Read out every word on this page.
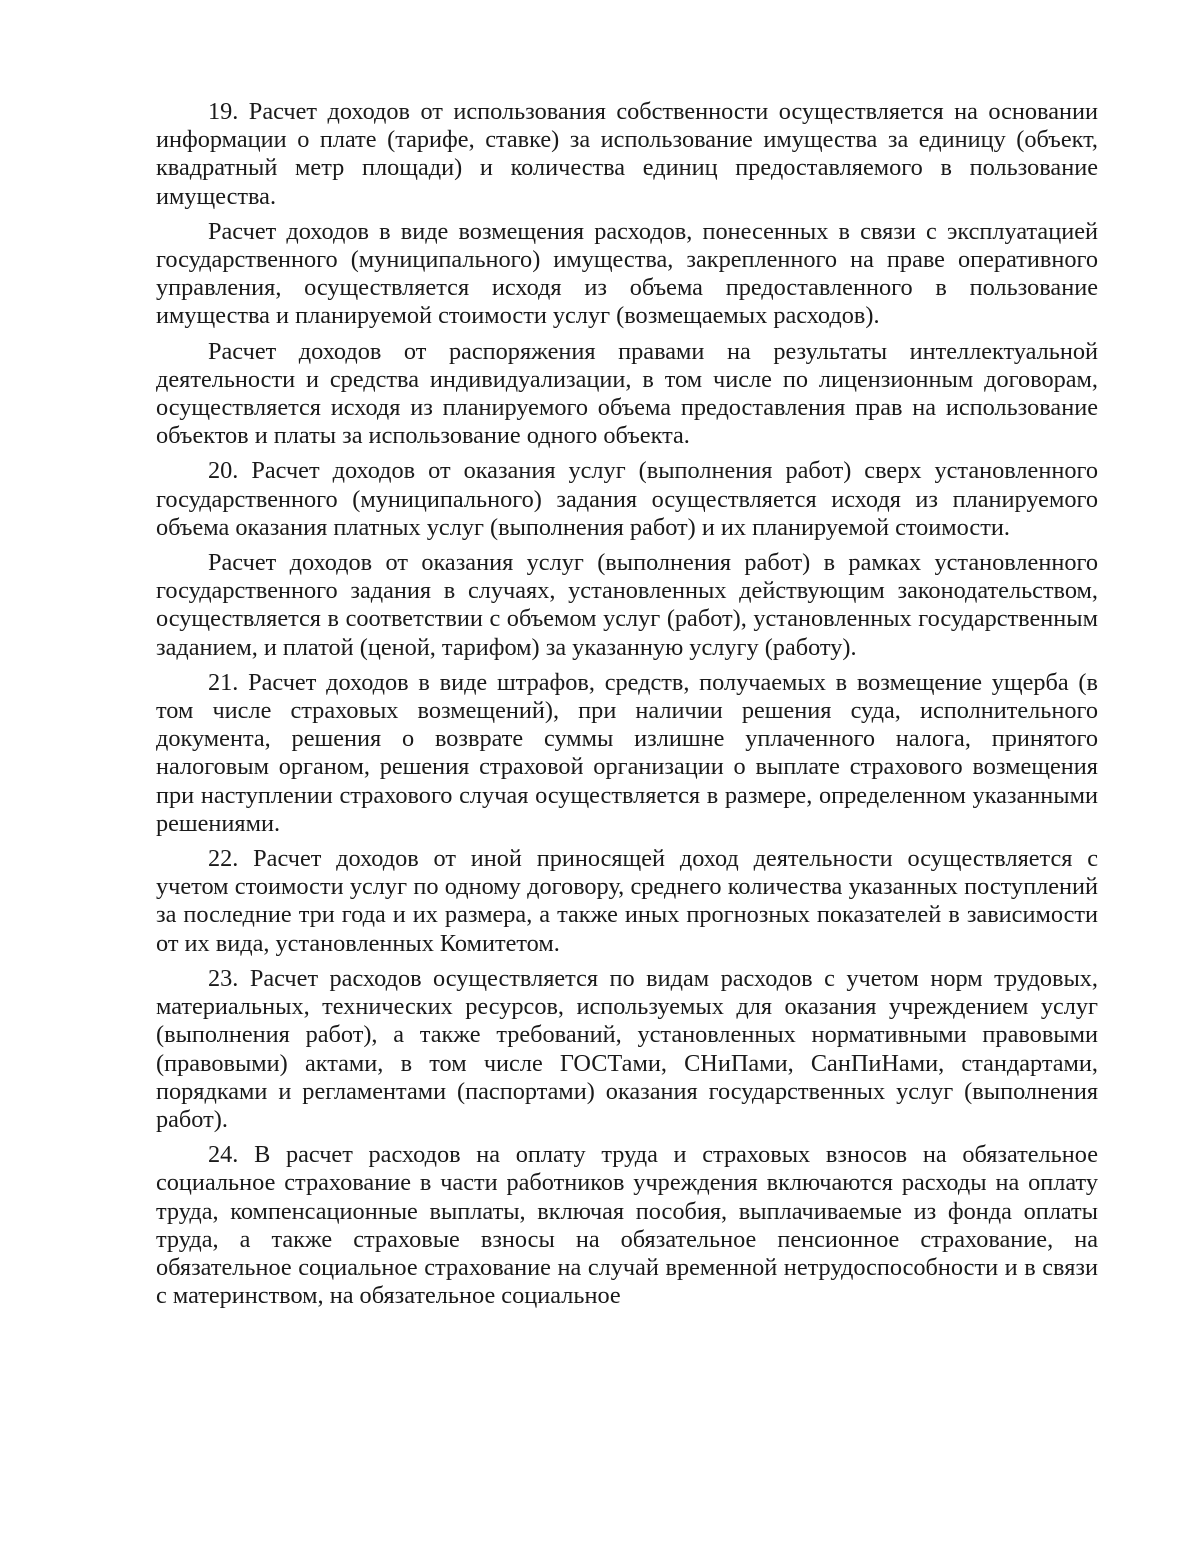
19. Расчет доходов от использования собственности осуществляется на основании информации о плате (тарифе, ставке) за использование имущества за единицу (объект, квадратный метр площади) и количества единиц предоставляемого в пользование имущества.

Расчет доходов в виде возмещения расходов, понесенных в связи с эксплуатацией государственного (муниципального) имущества, закрепленного на праве оперативного управления, осуществляется исходя из объема предоставленного в пользование имущества и планируемой стоимости услуг (возмещаемых расходов).

Расчет доходов от распоряжения правами на результаты интеллектуальной деятельности и средства индивидуализации, в том числе по лицензионным договорам, осуществляется исходя из планируемого объема предоставления прав на использование объектов и платы за использование одного объекта.

20. Расчет доходов от оказания услуг (выполнения работ) сверх установленного государственного (муниципального) задания осуществляется исходя из планируемого объема оказания платных услуг (выполнения работ) и их планируемой стоимости.

Расчет доходов от оказания услуг (выполнения работ) в рамках установленного государственного задания в случаях, установленных действующим законодательством, осуществляется в соответствии с объемом услуг (работ), установленных государственным заданием, и платой (ценой, тарифом) за указанную услугу (работу).

21. Расчет доходов в виде штрафов, средств, получаемых в возмещение ущерба (в том числе страховых возмещений), при наличии решения суда, исполнительного документа, решения о возврате суммы излишне уплаченного налога, принятого налоговым органом, решения страховой организации о выплате страхового возмещения при наступлении страхового случая осуществляется в размере, определенном указанными решениями.

22. Расчет доходов от иной приносящей доход деятельности осуществляется с учетом стоимости услуг по одному договору, среднего количества указанных поступлений за последние три года и их размера, а также иных прогнозных показателей в зависимости от их вида, установленных Комитетом.

23. Расчет расходов осуществляется по видам расходов с учетом норм трудовых, материальных, технических ресурсов, используемых для оказания учреждением услуг (выполнения работ), а также требований, установленных нормативными правовыми (правовыми) актами, в том числе ГОСТами, СНиПами, СанПиНами, стандартами, порядками и регламентами (паспортами) оказания государственных услуг (выполнения работ).

24. В расчет расходов на оплату труда и страховых взносов на обязательное социальное страхование в части работников учреждения включаются расходы на оплату труда, компенсационные выплаты, включая пособия, выплачиваемые из фонда оплаты труда, а также страховые взносы на обязательное пенсионное страхование, на обязательное социальное страхование на случай временной нетрудоспособности и в связи с материнством, на обязательное социальное
